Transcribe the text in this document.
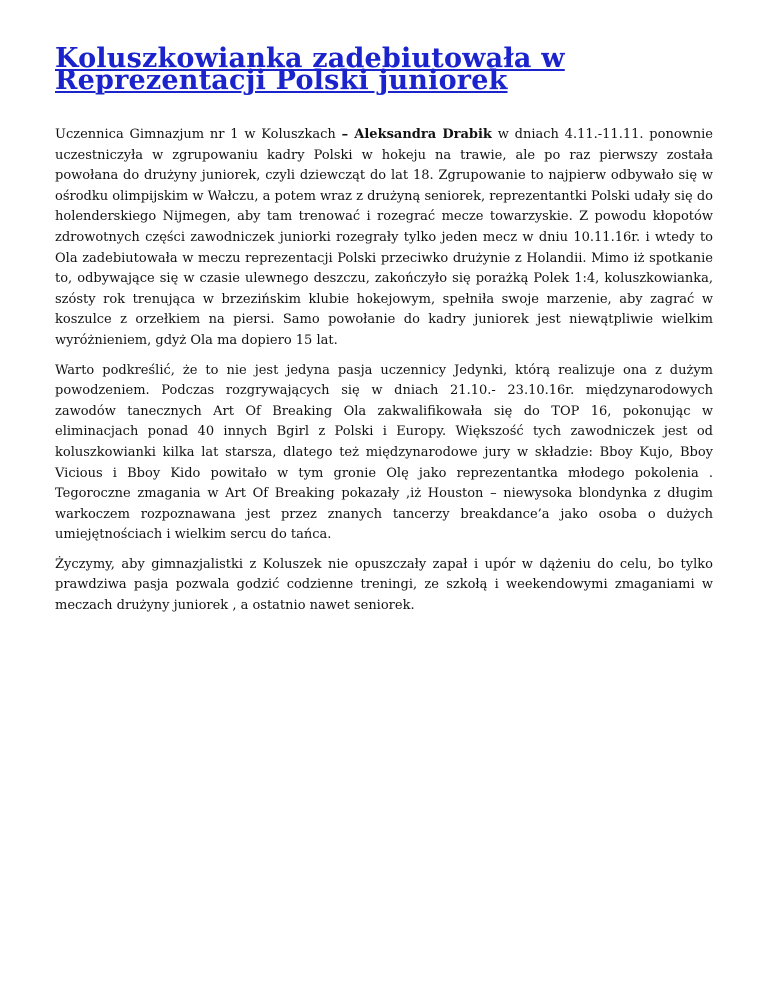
Koluszkowianka zadebiutowała w
Reprezentacji Polski juniorek

Uczennica Gimnazjum nr 1 w Koluszkach – Aleksandra Drabik w dniach 4.11.-11.11. ponownie uczestniczyła w zgrupowaniu kadry Polski w hokeju na trawie, ale po raz pierwszy została powołana do drużyny juniorek, czyli dziewcząt do lat 18. Zgrupowanie to najpierw odbywało się w ośrodku olimpijskim w Wałczu, a potem wraz z drużyną seniorek, reprezentantki Polski udały się do holenderskiego Nijmegen, aby tam trenować i rozegrać mecze towarzyskie. Z powodu kłopotów zdrowotnych części zawodniczek juniorki rozegrały tylko jeden mecz w dniu 10.11.16r. i wtedy to Ola zadebiutowała w meczu reprezentacji Polski przeciwko drużynie z Holandii. Mimo iż spotkanie to, odbywające się w czasie ulewnego deszczu, zakończyło się porażką Polek 1:4, koluszkowianka, szósty rok trenująca w brzezińskim klubie hokejowym, spełniła swoje marzenie, aby zagrać w koszulce z orzełkiem na piersi. Samo powołanie do kadry juniorek jest niewątpliwie wielkim wyróżnieniem, gdyż Ola ma dopiero 15 lat.

Warto podkreślić, że to nie jest jedyna pasja uczennicy Jedynki, którą realizuje ona z dużym powodzeniem. Podczas rozgrywających się w dniach 21.10.- 23.10.16r. międzynarodowych zawodów tanecznych Art Of Breaking Ola zakwalifikowała się do TOP 16, pokonując w eliminacjach ponad 40 innych Bgirl z Polski i Europy. Większość tych zawodniczek jest od koluszkowianki kilka lat starsza, dlatego też międzynarodowe jury w składzie: Bboy Kujo, Bboy Vicious i Bboy Kido powitało w tym gronie Olę jako reprezentantka młodego pokolenia . Tegoroczne zmagania w Art Of Breaking pokazały ,iż Houston – niewysoka blondynka z długim warkoczem rozpoznawana jest przez znanych tancerzy breakdance’a jako osoba o dużych umiejętnościach i wielkim sercu do tańca.

Życzymy, aby gimnazjalistki z Koluszek nie opuszczały zapał i upór w dążeniu do celu, bo tylko prawdziwa pasja pozwala godzić codzienne treningi, ze szkołą i weekendowymi zmaganiami w meczach drużyny juniorek , a ostatnio nawet seniorek.
